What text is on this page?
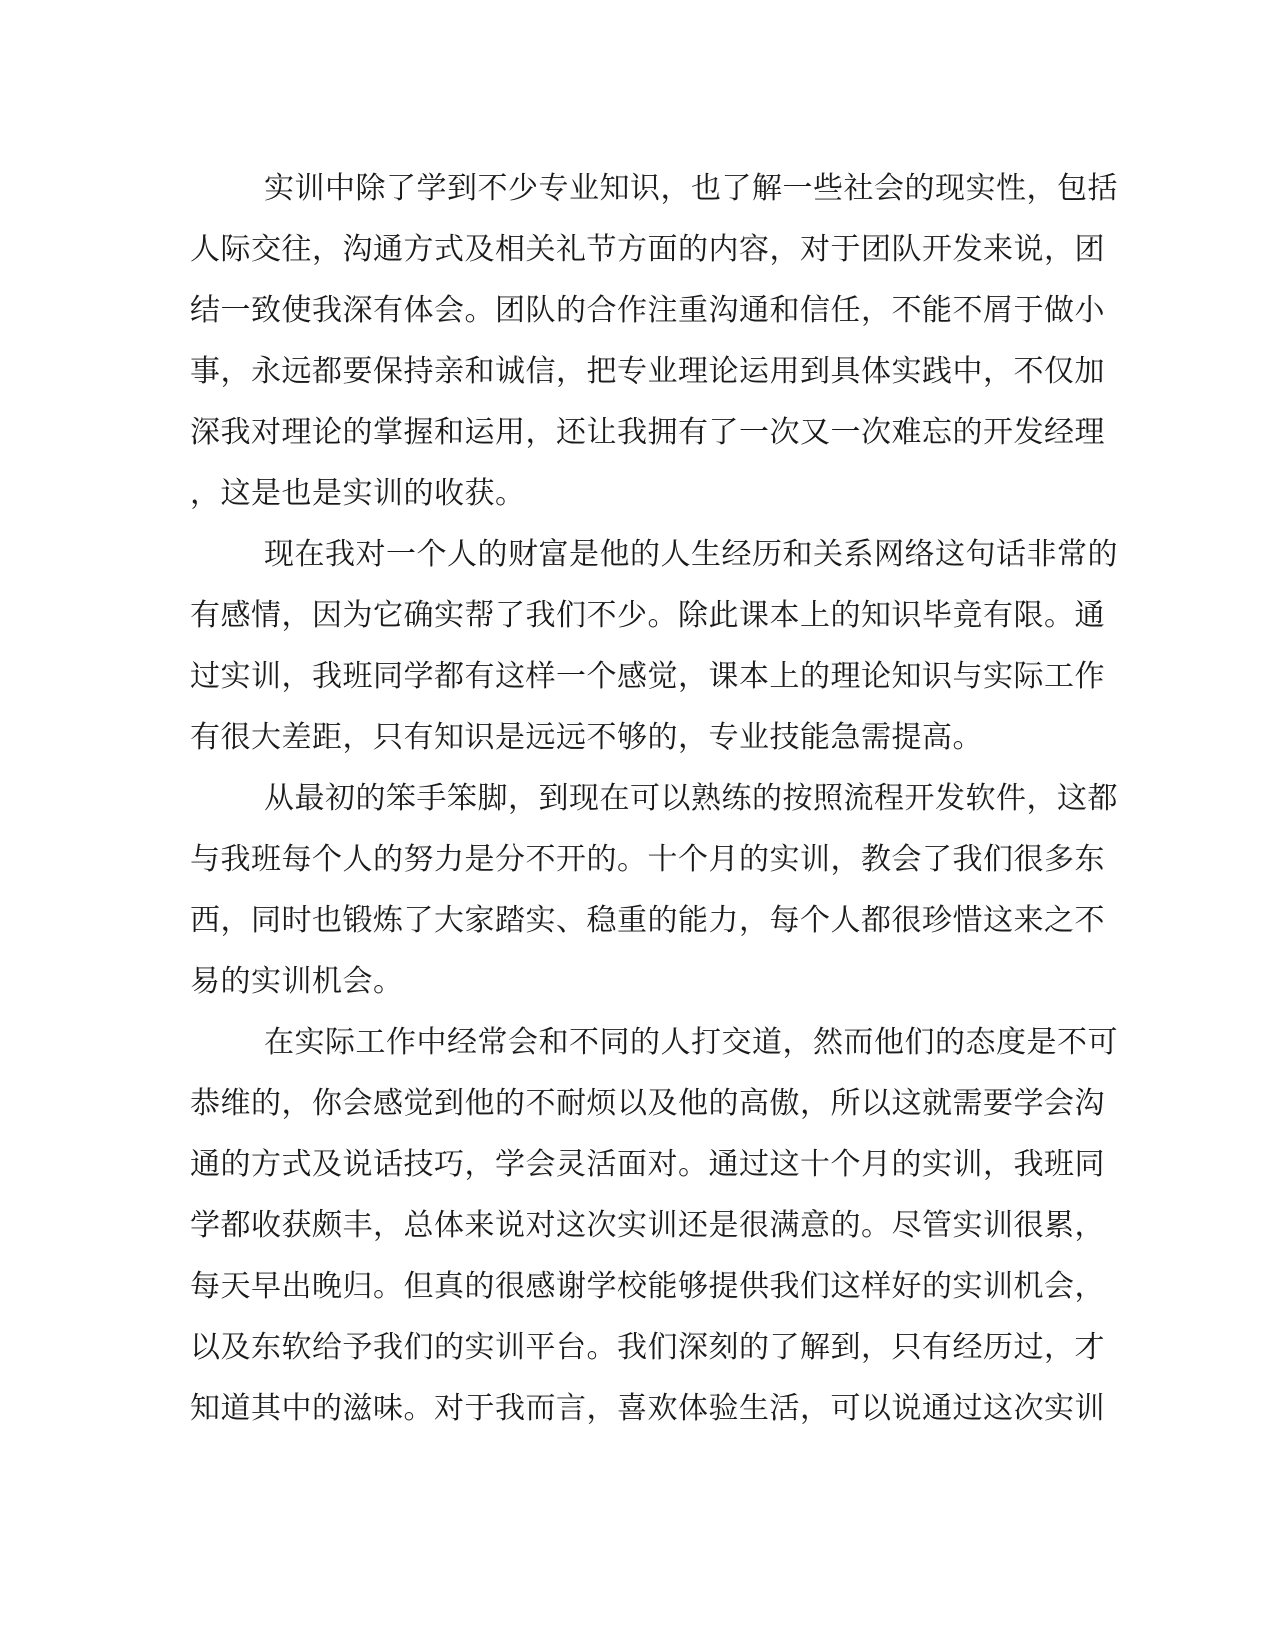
实训中除了学到不少专业知识，也了解一些社会的现实性，包括
人际交往，沟通方式及相关礼节方面的内容，对于团队开发来说，团
结一致使我深有体会。团队的合作注重沟通和信任，不能不屑于做小
事，永远都要保持亲和诚信，把专业理论运用到具体实践中，不仅加
深我对理论的掌握和运用，还让我拥有了一次又一次难忘的开发经理
，这是也是实训的收获。
现在我对一个人的财富是他的人生经历和关系网络这句话非常的
有感情，因为它确实帮了我们不少。除此课本上的知识毕竟有限。通
过实训，我班同学都有这样一个感觉，课本上的理论知识与实际工作
有很大差距，只有知识是远远不够的，专业技能急需提高。
从最初的笨手笨脚，到现在可以熟练的按照流程开发软件，这都
与我班每个人的努力是分不开的。十个月的实训，教会了我们很多东
西，同时也锻炼了大家踏实、稳重的能力，每个人都很珍惜这来之不
易的实训机会。
在实际工作中经常会和不同的人打交道，然而他们的态度是不可
恭维的，你会感觉到他的不耐烦以及他的高傲，所以这就需要学会沟
通的方式及说话技巧，学会灵活面对。通过这十个月的实训，我班同
学都收获颇丰，总体来说对这次实训还是很满意的。尽管实训很累，
每天早出晚归。但真的很感谢学校能够提供我们这样好的实训机会，
以及东软给予我们的实训平台。我们深刻的了解到，只有经历过，才
知道其中的滋味。对于我而言，喜欢体验生活，可以说通过这次实训
